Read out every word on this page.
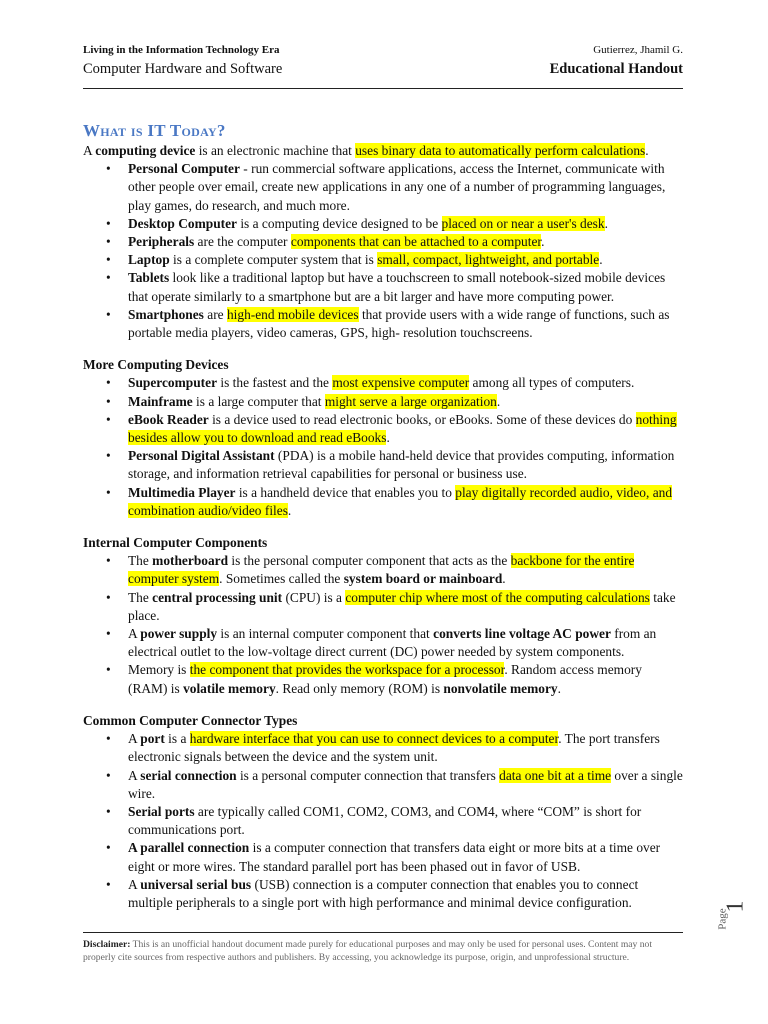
Living in the Information Technology Era
Computer Hardware and Software
Gutierrez, Jhamil G.
Educational Handout
What is IT Today?

A computing device is an electronic machine that uses binary data to automatically perform calculations.

• Personal Computer - run commercial software applications, access the Internet, communicate with other people over email, create new applications in any one of a number of programming languages, play games, do research, and much more.
• Desktop Computer is a computing device designed to be placed on or near a user's desk.
• Peripherals are the computer components that can be attached to a computer.
• Laptop is a complete computer system that is small, compact, lightweight, and portable.
• Tablets look like a traditional laptop but have a touchscreen to small notebook-sized mobile devices that operate similarly to a smartphone but are a bit larger and have more computing power.
• Smartphones are high-end mobile devices that provide users with a wide range of functions, such as portable media players, video cameras, GPS, high- resolution touchscreens.

More Computing Devices

• Supercomputer is the fastest and the most expensive computer among all types of computers.
• Mainframe is a large computer that might serve a large organization.
• eBook Reader is a device used to read electronic books, or eBooks. Some of these devices do nothing besides allow you to download and read eBooks.
• Personal Digital Assistant (PDA) is a mobile hand-held device that provides computing, information storage, and information retrieval capabilities for personal or business use.
• Multimedia Player is a handheld device that enables you to play digitally recorded audio, video, and combination audio/video files.

Internal Computer Components

• The motherboard is the personal computer component that acts as the backbone for the entire computer system. Sometimes called the system board or mainboard.
• The central processing unit (CPU) is a computer chip where most of the computing calculations take place.
• A power supply is an internal computer component that converts line voltage AC power from an electrical outlet to the low-voltage direct current (DC) power needed by system components.
• Memory is the component that provides the workspace for a processor. Random access memory (RAM) is volatile memory. Read only memory (ROM) is nonvolatile memory.

Common Computer Connector Types

• A port is a hardware interface that you can use to connect devices to a computer. The port transfers electronic signals between the device and the system unit.
• A serial connection is a personal computer connection that transfers data one bit at a time over a single wire.
• Serial ports are typically called COM1, COM2, COM3, and COM4, where “COM” is short for communications port.
• A parallel connection is a computer connection that transfers data eight or more bits at a time over eight or more wires. The standard parallel port has been phased out in favor of USB.
• A universal serial bus (USB) connection is a computer connection that enables you to connect multiple peripherals to a single port with high performance and minimal device configuration.
Disclaimer: This is an unofficial handout document made purely for educational purposes and may only be used for personal uses. Content may not properly cite sources from respective authors and publishers. By accessing, you acknowledge its purpose, origin, and unprofessional structure.
Page
1
